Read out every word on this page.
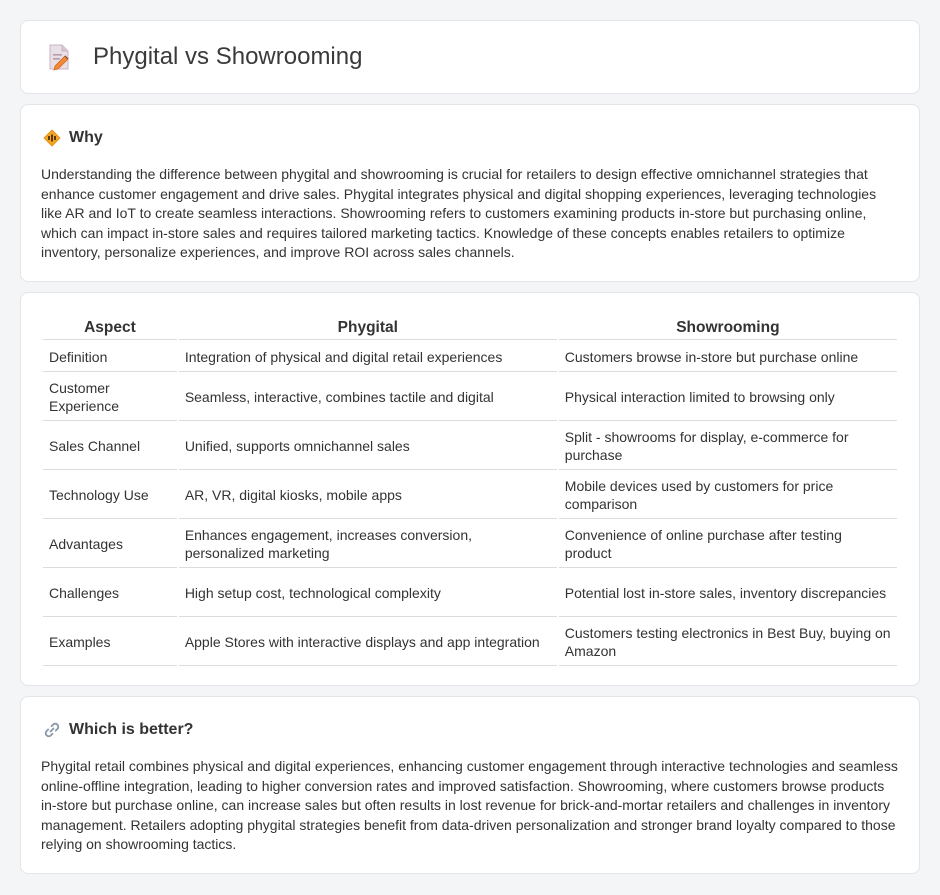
Phygital vs Showrooming
Why

Understanding the difference between phygital and showrooming is crucial for retailers to design effective omnichannel strategies that enhance customer engagement and drive sales. Phygital integrates physical and digital shopping experiences, leveraging technologies like AR and IoT to create seamless interactions. Showrooming refers to customers examining products in-store but purchasing online, which can impact in-store sales and requires tailored marketing tactics. Knowledge of these concepts enables retailers to optimize inventory, personalize experiences, and improve ROI across sales channels.

Aspect	Phygital	Showrooming
Definition	Integration of physical and digital retail experiences	Customers browse in-store but purchase online
Customer Experience	Seamless, interactive, combines tactile and digital	Physical interaction limited to browsing only
Sales Channel	Unified, supports omnichannel sales	Split - showrooms for display, e-commerce for purchase
Technology Use	AR, VR, digital kiosks, mobile apps	Mobile devices used by customers for price comparison
Advantages	Enhances engagement, increases conversion, personalized marketing	Convenience of online purchase after testing product
Challenges	High setup cost, technological complexity	Potential lost in-store sales, inventory discrepancies
Examples	Apple Stores with interactive displays and app integration	Customers testing electronics in Best Buy, buying on Amazon
Which is better?

Phygital retail combines physical and digital experiences, enhancing customer engagement through interactive technologies and seamless online-offline integration, leading to higher conversion rates and improved satisfaction. Showrooming, where customers browse products in-store but purchase online, can increase sales but often results in lost revenue for brick-and-mortar retailers and challenges in inventory management. Retailers adopting phygital strategies benefit from data-driven personalization and stronger brand loyalty compared to those relying on showrooming tactics.
